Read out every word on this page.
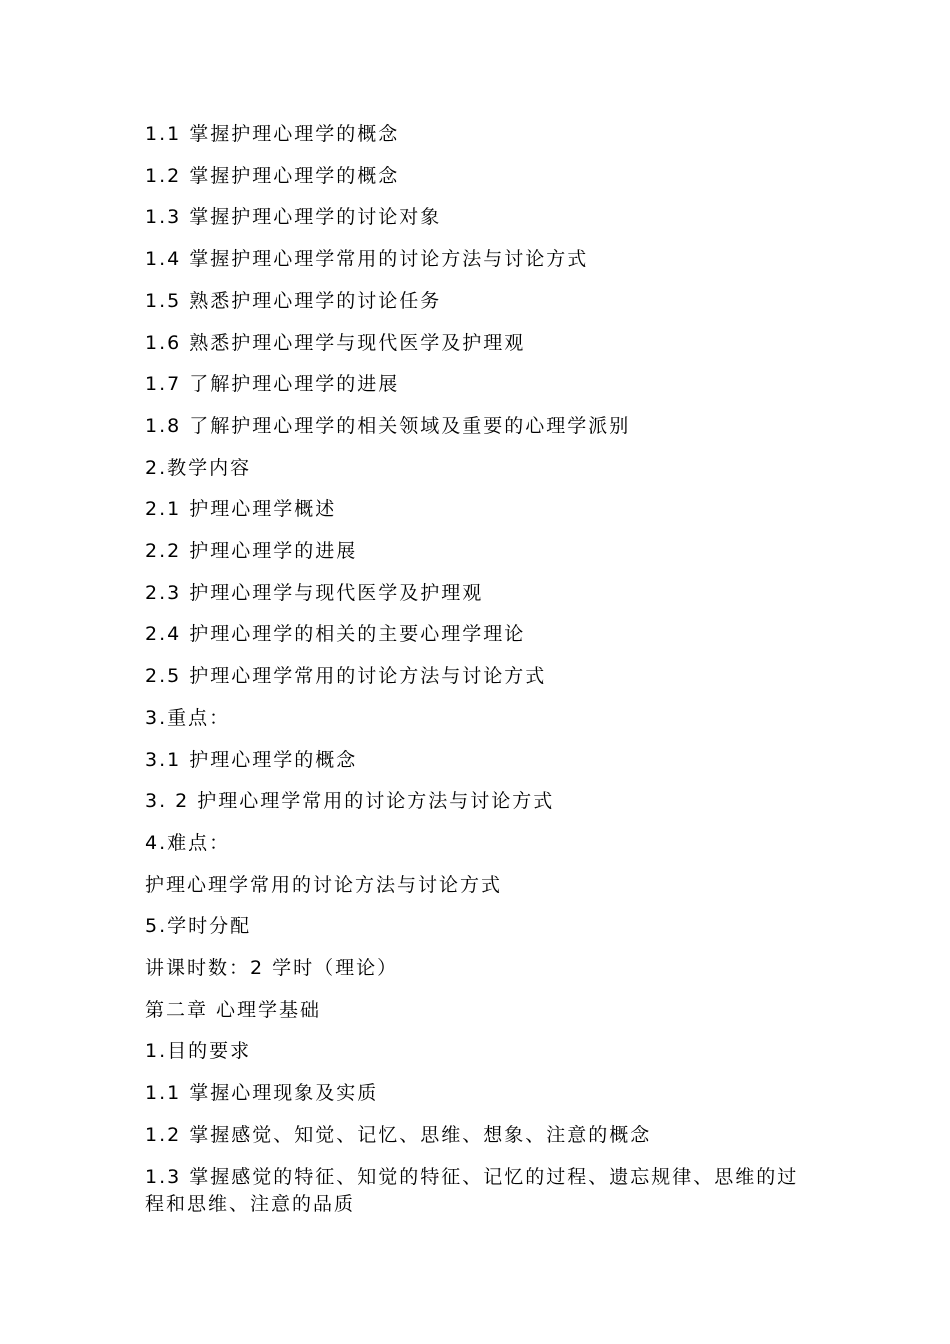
1.1 掌握护理心理学的概念

1.2 掌握护理心理学的概念

1.3 掌握护理心理学的讨论对象

1.4 掌握护理心理学常用的讨论方法与讨论方式

1.5 熟悉护理心理学的讨论任务

1.6 熟悉护理心理学与现代医学及护理观

1.7 了解护理心理学的进展

1.8 了解护理心理学的相关领域及重要的心理学派别

2.教学内容

2.1 护理心理学概述

2.2 护理心理学的进展

2.3 护理心理学与现代医学及护理观

2.4 护理心理学的相关的主要心理学理论

2.5 护理心理学常用的讨论方法与讨论方式

3.重点：

3.1 护理心理学的概念

3. 2 护理心理学常用的讨论方法与讨论方式

4.难点：

护理心理学常用的讨论方法与讨论方式

5.学时分配

讲课时数：2 学时（理论）

第二章 心理学基础

1.目的要求

1.1 掌握心理现象及实质

1.2 掌握感觉、知觉、记忆、思维、想象、注意的概念

1.3 掌握感觉的特征、知觉的特征、记忆的过程、遗忘规律、思维的过程和思维、注意的品质
